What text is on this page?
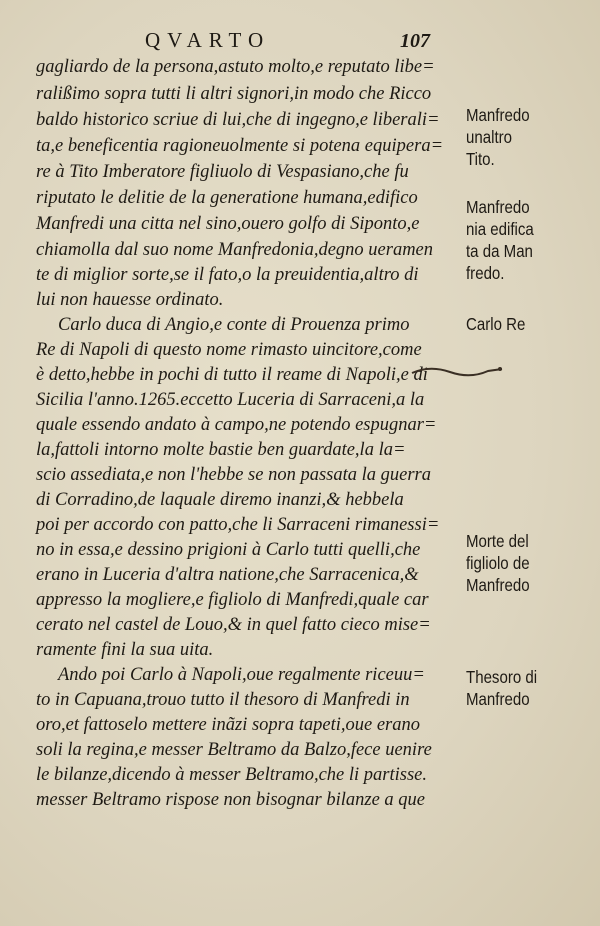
QVARTO	107
gagliardo de la persona,astuto molto,e reputato libe=
ralißimo sopra tutti li altri signori,in modo che Ricco
baldo historico scriue di lui,che di ingegno,e liberali=
ta,e beneficentia ragioneuolmente si potena equipera=
re à Tito Imberatore figliuolo di Vespasiano,che fu
riputato le delitie de la generatione humana,edifico
Manfredi una citta nel sino,ouero golfo di Siponto,e
chiamolla dal suo nome Manfredonia,degno ueramen
te di miglior sorte,se il fato,o la preuidentia,altro di
lui non hauesse ordinato.
Carlo duca di Angio,e conte di Prouenza primo
Re di Napoli di questo nome rimasto uincitore,come
è detto,hebbe in pochi di tutto il reame di Napoli,e di
Sicilia l'anno.1265.eccetto Luceria di Sarraceni,a la
quale essendo andato à campo,ne potendo espugnar=
la,fattoli intorno molte bastie ben guardate,la la=
scio assediata,e non l'hebbe se non passata la guerra
di Corradino,de laquale diremo inanzi,& hebbela
poi per accordo con patto,che li Sarraceni rimanessi=
no in essa,e dessino prigioni à Carlo tutti quelli,che
erano in Luceria d'altra natione,che Sarracenica,&
appresso la mogliere,e figliolo di Manfredi,quale car
cerato nel castel de Louo,& in quel fatto cieco mise=
ramente fini la sua uita.
Ando poi Carlo à Napoli,oue regalmente riceuu=
to in Capuana,trouo tutto il thesoro di Manfredi in
oro,et fattoselo mettere inãzi sopra tapeti,oue erano
soli la regina,e messer Beltramo da Balzo,fece uenire
le bilanze,dicendo à messer Beltramo,che li partisse.
messer Beltramo rispose non bisognar bilanze a que
Manfredo
unaltro
Tito.
Manfredo
nia edifica
ta da Man
fredo.
Carlo Re
Morte del
figliolo de
Manfredo
Thesoro di
Manfredo
